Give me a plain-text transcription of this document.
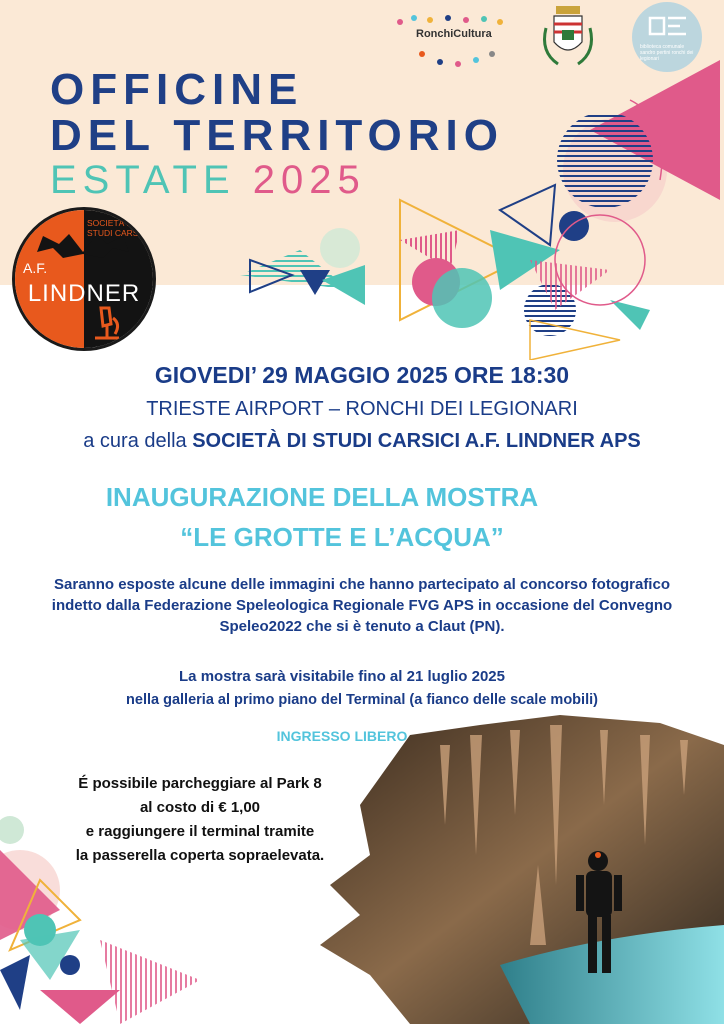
RonchiCultura
biblioteca comunale sandro pertini ronchi dei legionari
OFFICINE
DEL TERRITORIO
ESTATE 2025
SOCIETÀ DI STUDI CARSICI
A.F.
LINDNER
GIOVEDI’ 29 MAGGIO 2025 ORE 18:30
TRIESTE AIRPORT – RONCHI DEI LEGIONARI
a cura della SOCIETÀ DI STUDI CARSICI A.F. LINDNER APS
INAUGURAZIONE DELLA MOSTRA
“LE GROTTE E L’ACQUA”
Saranno esposte alcune delle immagini che hanno partecipato al concorso fotografico
indetto dalla Federazione Speleologica Regionale FVG APS in occasione del Convegno
Speleo2022 che si è tenuto a Claut (PN).
La mostra sarà visitabile fino al 21 luglio 2025
nella galleria al primo piano del Terminal (a fianco delle scale mobili)
INGRESSO LIBERO
É possibile parcheggiare al Park 8
al costo di € 1,00
e raggiungere il terminal tramite
la passerella coperta sopraelevata.
